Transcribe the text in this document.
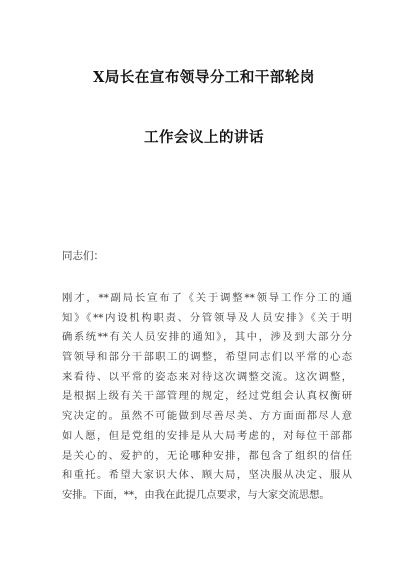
X局长在宣布领导分工和干部轮岗
工作会议上的讲话
同志们：
刚才，**副局长宣布了《关于调整**领导工作分工的通
知》《**内设机构职责、分管领导及人员安排》《关于明
确系统**有关人员安排的通知》，其中，涉及到大部分分
管领导和部分干部职工的调整，希望同志们以平常的心态
来看待、以平常的姿态来对待这次调整交流。这次调整，
是根据上级有关干部管理的规定，经过党组会认真权衡研
究决定的。虽然不可能做到尽善尽美、方方面面都尽人意
如人愿，但是党组的安排是从大局考虑的，对每位干部都
是关心的、爱护的，无论哪种安排，都包含了组织的信任
和重托。希望大家识大体、顾大局，坚决服从决定、服从
安排。下面，**，由我在此提几点要求，与大家交流思想。
